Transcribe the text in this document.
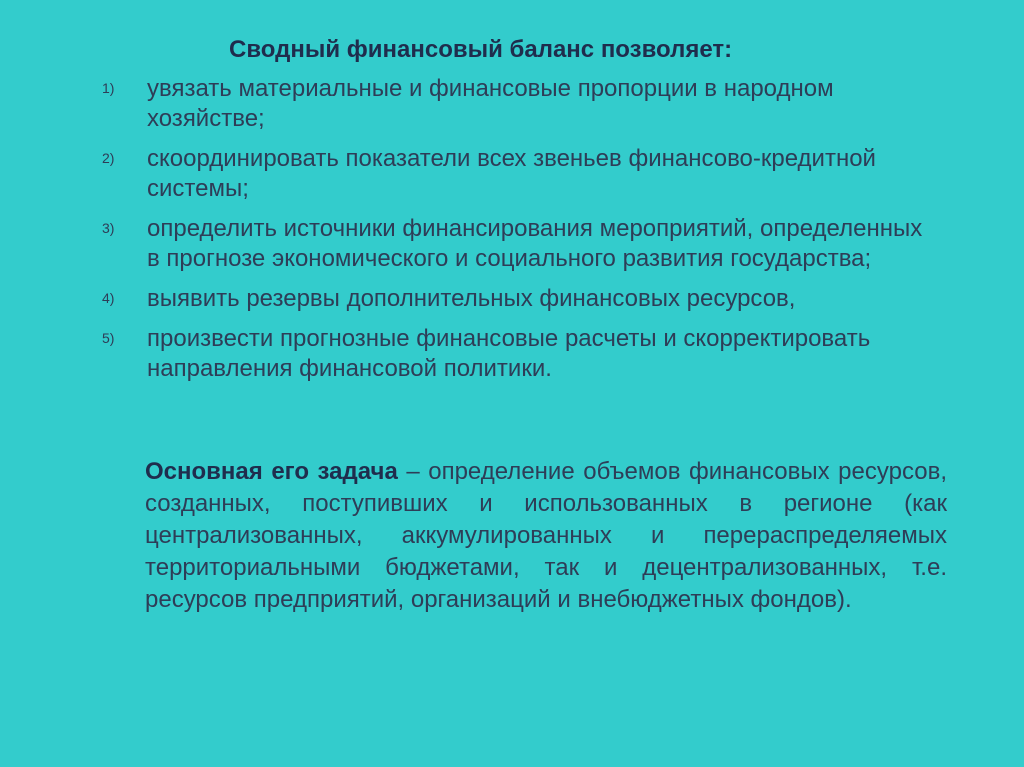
Сводный финансовый баланс позволяет:
1) увязать материальные и финансовые пропорции в народном хозяйстве;
2) скоординировать показатели всех звеньев финансово-кредитной системы;
3) определить источники финансирования мероприятий, определенных в прогнозе экономического и социального развития государства;
4) выявить резервы дополнительных финансовых ресурсов,
5) произвести прогнозные финансовые расчеты и скорректировать направления финансовой политики.
Основная его задача – определение объемов финансовых ресурсов, созданных, поступивших и использованных в регионе (как централизованных, аккумулированных и перераспределяемых территориальными бюджетами, так и децентрализованных, т.е. ресурсов предприятий, организаций и внебюджетных фондов).
